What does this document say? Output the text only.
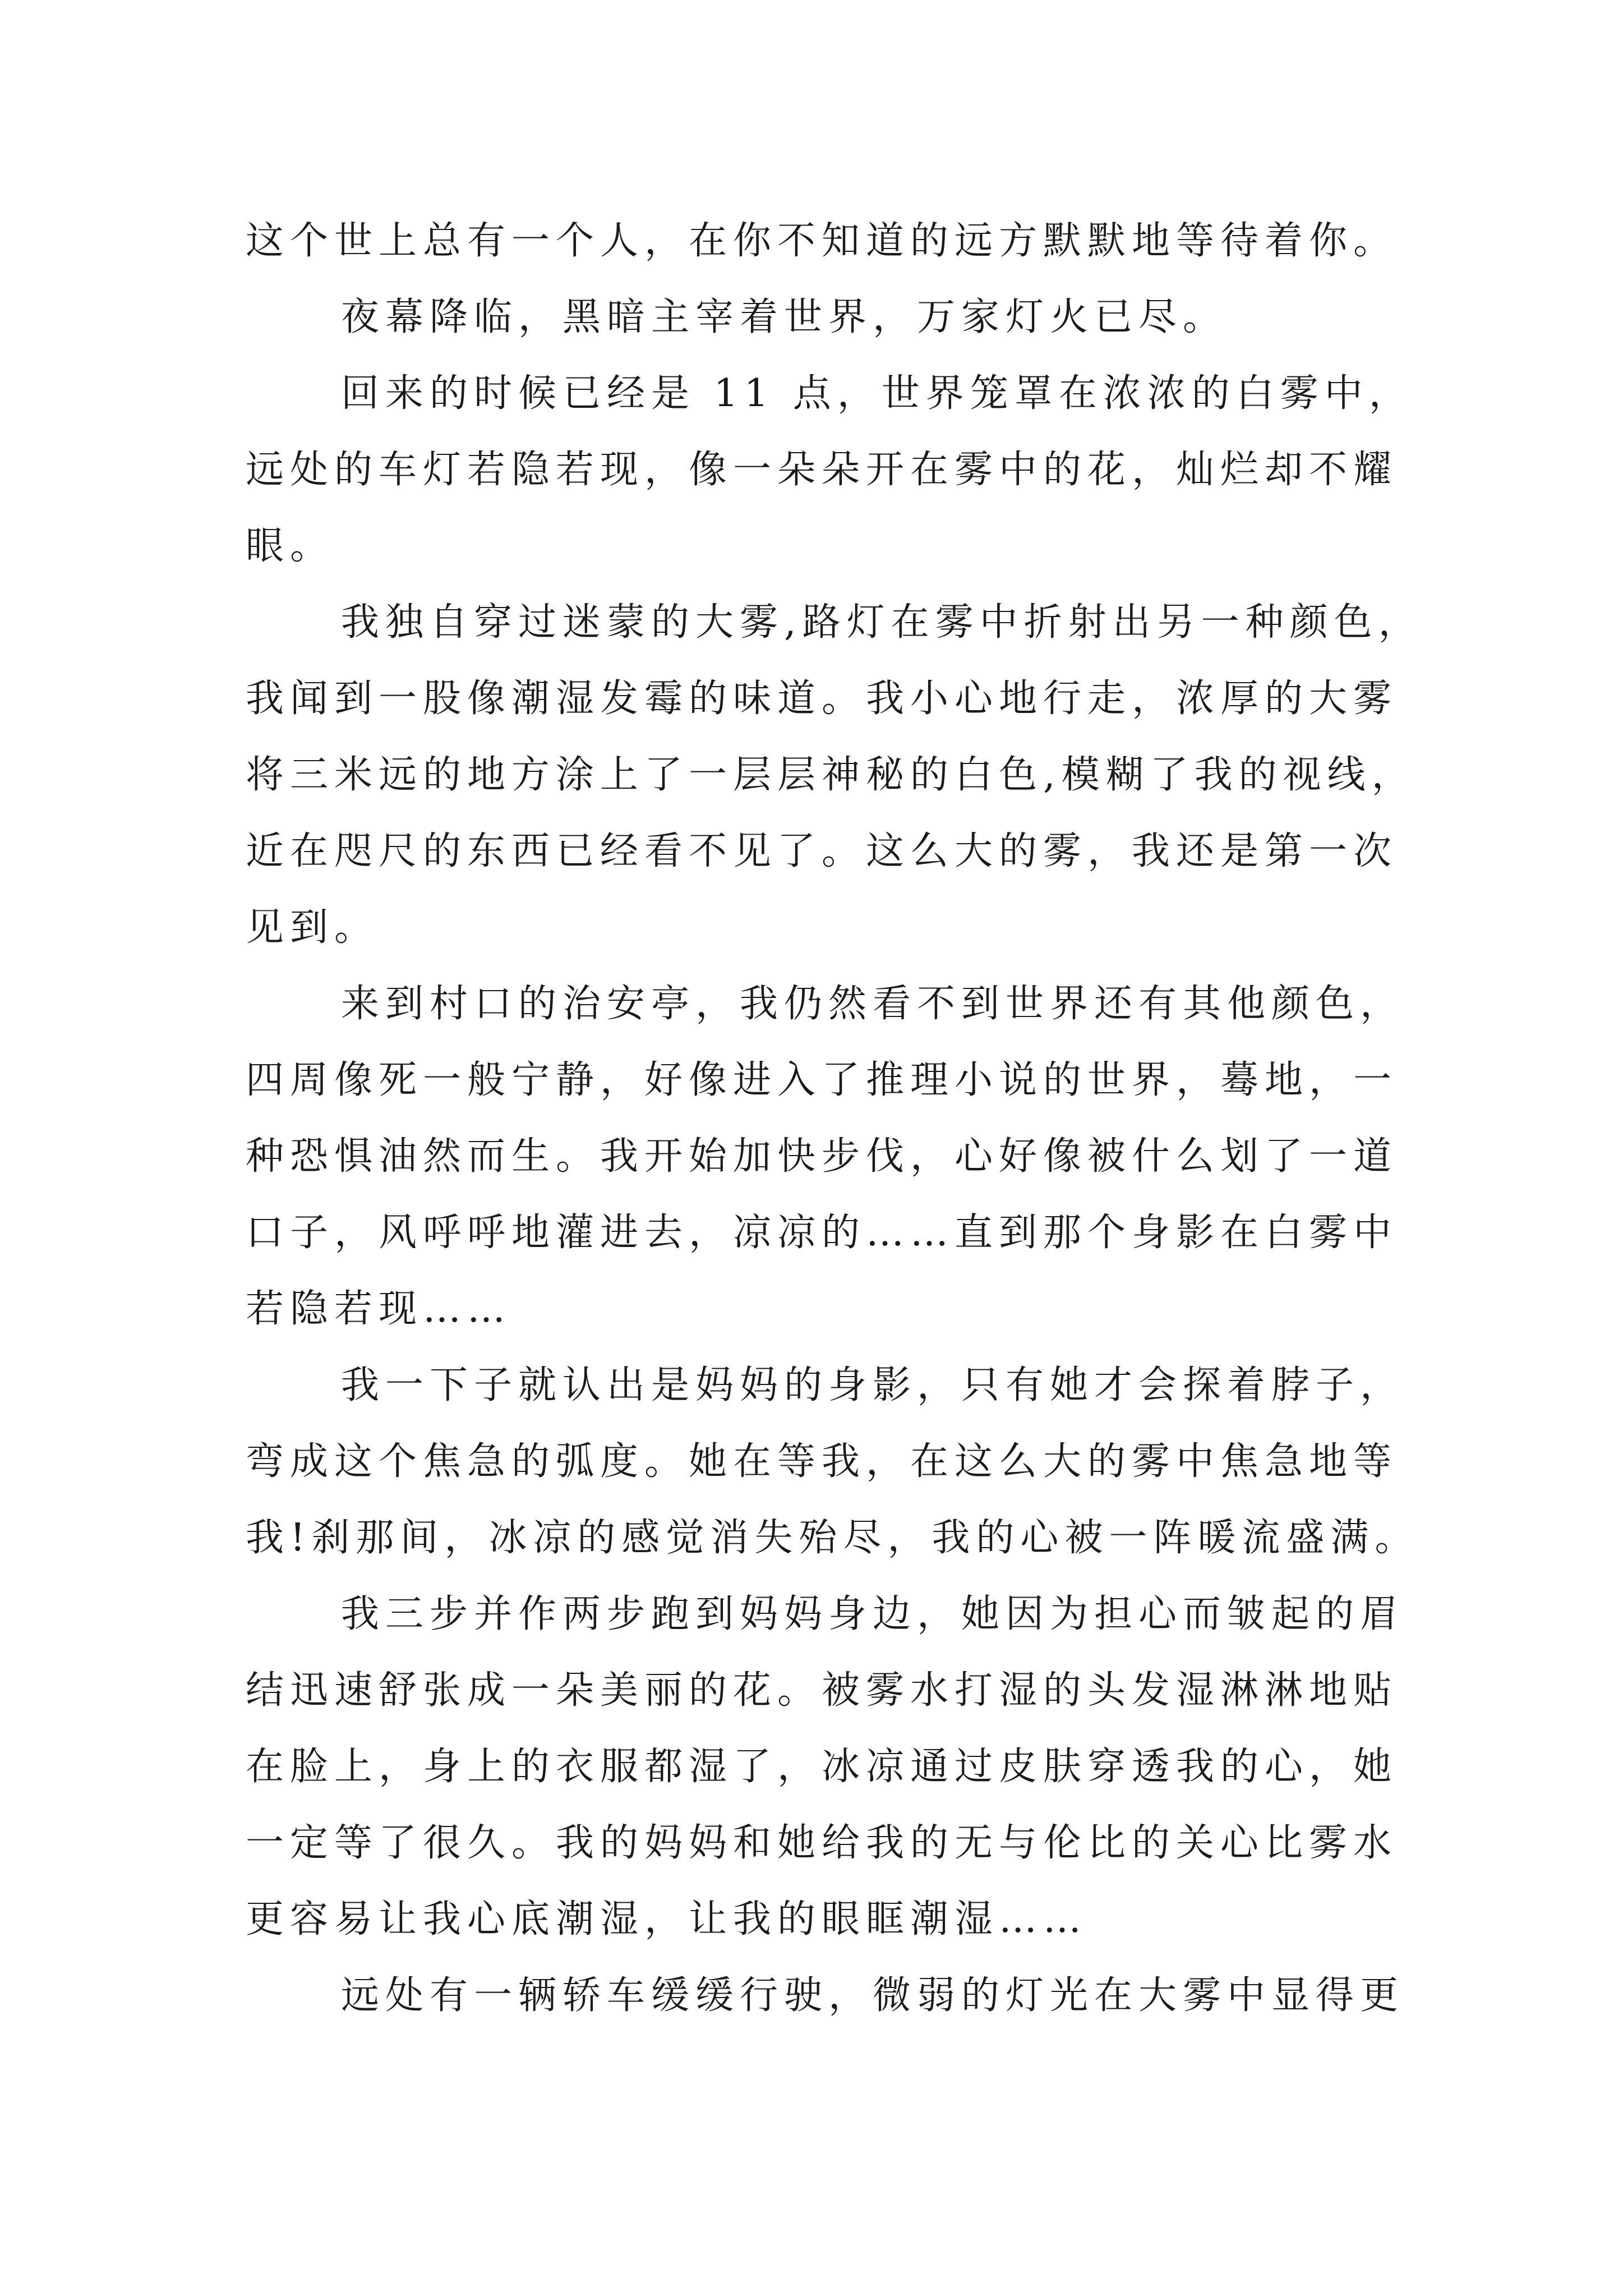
这个世上总有一个人，在你不知道的远方默默地等待着你。
夜幕降临，黑暗主宰着世界，万家灯火已尽。
回来的时候已经是 11 点，世界笼罩在浓浓的白雾中，
远处的车灯若隐若现，像一朵朵开在雾中的花，灿烂却不耀
眼。
我独自穿过迷蒙的大雾,路灯在雾中折射出另一种颜色，
我闻到一股像潮湿发霉的味道。我小心地行走，浓厚的大雾
将三米远的地方涂上了一层层神秘的白色,模糊了我的视线，
近在咫尺的东西已经看不见了。这么大的雾，我还是第一次
见到。
来到村口的治安亭，我仍然看不到世界还有其他颜色，
四周像死一般宁静，好像进入了推理小说的世界，蓦地，一
种恐惧油然而生。我开始加快步伐，心好像被什么划了一道
口子，风呼呼地灌进去，凉凉的……直到那个身影在白雾中
若隐若现……
我一下子就认出是妈妈的身影，只有她才会探着脖子，
弯成这个焦急的弧度。她在等我，在这么大的雾中焦急地等
我!刹那间，冰凉的感觉消失殆尽，我的心被一阵暖流盛满。
我三步并作两步跑到妈妈身边，她因为担心而皱起的眉
结迅速舒张成一朵美丽的花。被雾水打湿的头发湿淋淋地贴
在脸上，身上的衣服都湿了，冰凉通过皮肤穿透我的心，她
一定等了很久。我的妈妈和她给我的无与伦比的关心比雾水
更容易让我心底潮湿，让我的眼眶潮湿……
远处有一辆轿车缓缓行驶，微弱的灯光在大雾中显得更
